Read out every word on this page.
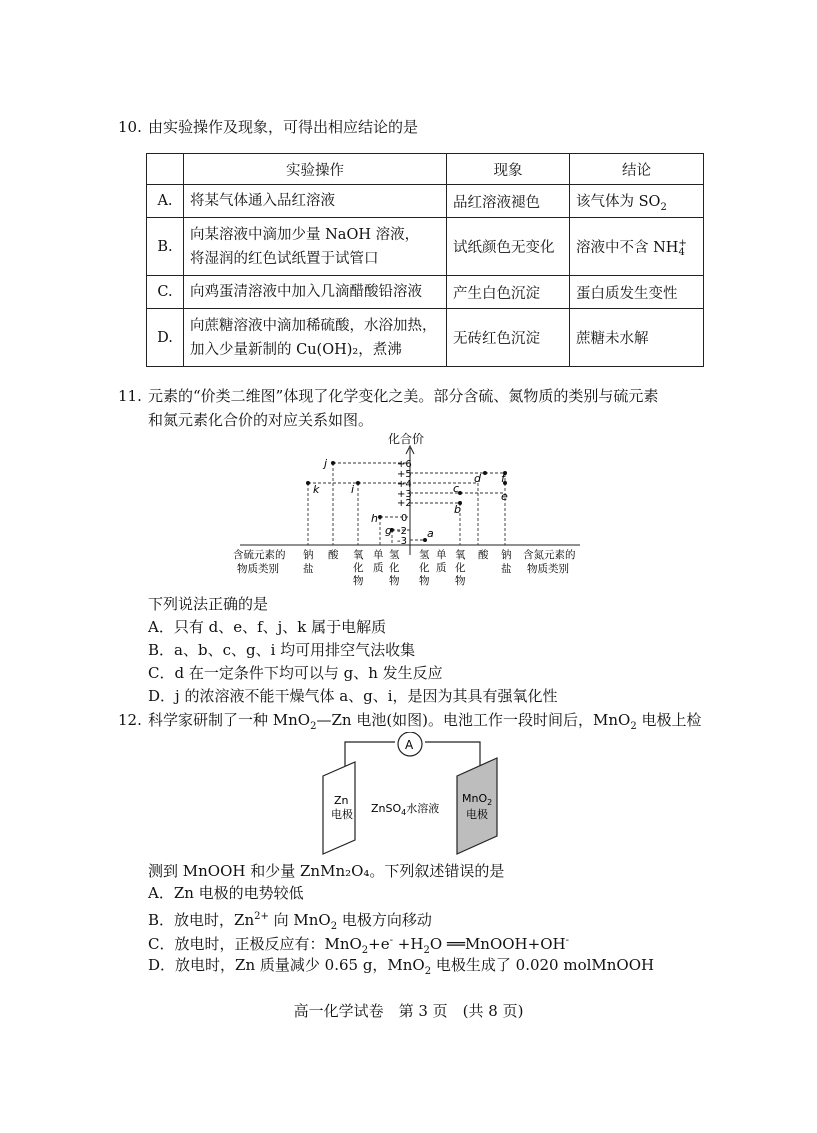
10. 由实验操作及现象，可得出相应结论的是
	实验操作	现象	结论
A.	将某气体通入品红溶液	品红溶液褪色	该气体为 $SO_2$
B.	向某溶液中滴加少量 NaOH 溶液，
将湿润的红色试纸置于试管口	试纸颜色无变化	溶液中不含 NH+
4
C.	向鸡蛋清溶液中加入几滴醋酸铅溶液	产生白色沉淀	蛋白质发生变性
D.	向蔗糖溶液中滴加稀硫酸，水浴加热，
加入少量新制的 Cu(OH)₂，煮沸	无砖红色沉淀	蔗糖未水解
11. 元素的“价类二维图”体现了化学变化之美。部分含硫、氮物质的类别与硫元素
和氮元素化合价的对应关系如图。
化合价
+6
+5
+4
+3
+2
0
-2
-3
j
k	i
h
g	a
b
c
d
e
f
含硫元素的
物质类别
钠
盐
酸 氧
化
物
单
质
氢
化
物
氢
化
物
单
质
氧
化
物
酸 钠
盐
含氮元素的
物质类别
下列说法正确的是
A．只有 d、e、f、j、k 属于电解质
B．a、b、c、g、i 均可用排空气法收集
C．d 在一定条件下均可以与 g、h 发生反应
D．j 的浓溶液不能干燥气体 a、g、i，是因为其具有强氧化性
12. 科学家研制了一种 MnO$_2$—Zn 电池(如图)。电池工作一段时间后，MnO$_2$ 电极上检
A
Zn
电极 ZnSO$_4$水溶液
MnO$_2$
电极
测到 MnOOH 和少量 ZnMn₂O₄。下列叙述错误的是
A．Zn 电极的电势较低
B．放电时，$Zn^{2+}$ 向 MnO$_2$ 电极方向移动
C．放电时，正极反应有：$MnO_2+e^- +H_2O$ ══MnOOH+OH-
D．放电时，Zn 质量减少 0.65 g，MnO$_2$ 电极生成了 0.020 molMnOOH
高一化学试卷　第 3 页　(共 8 页)
